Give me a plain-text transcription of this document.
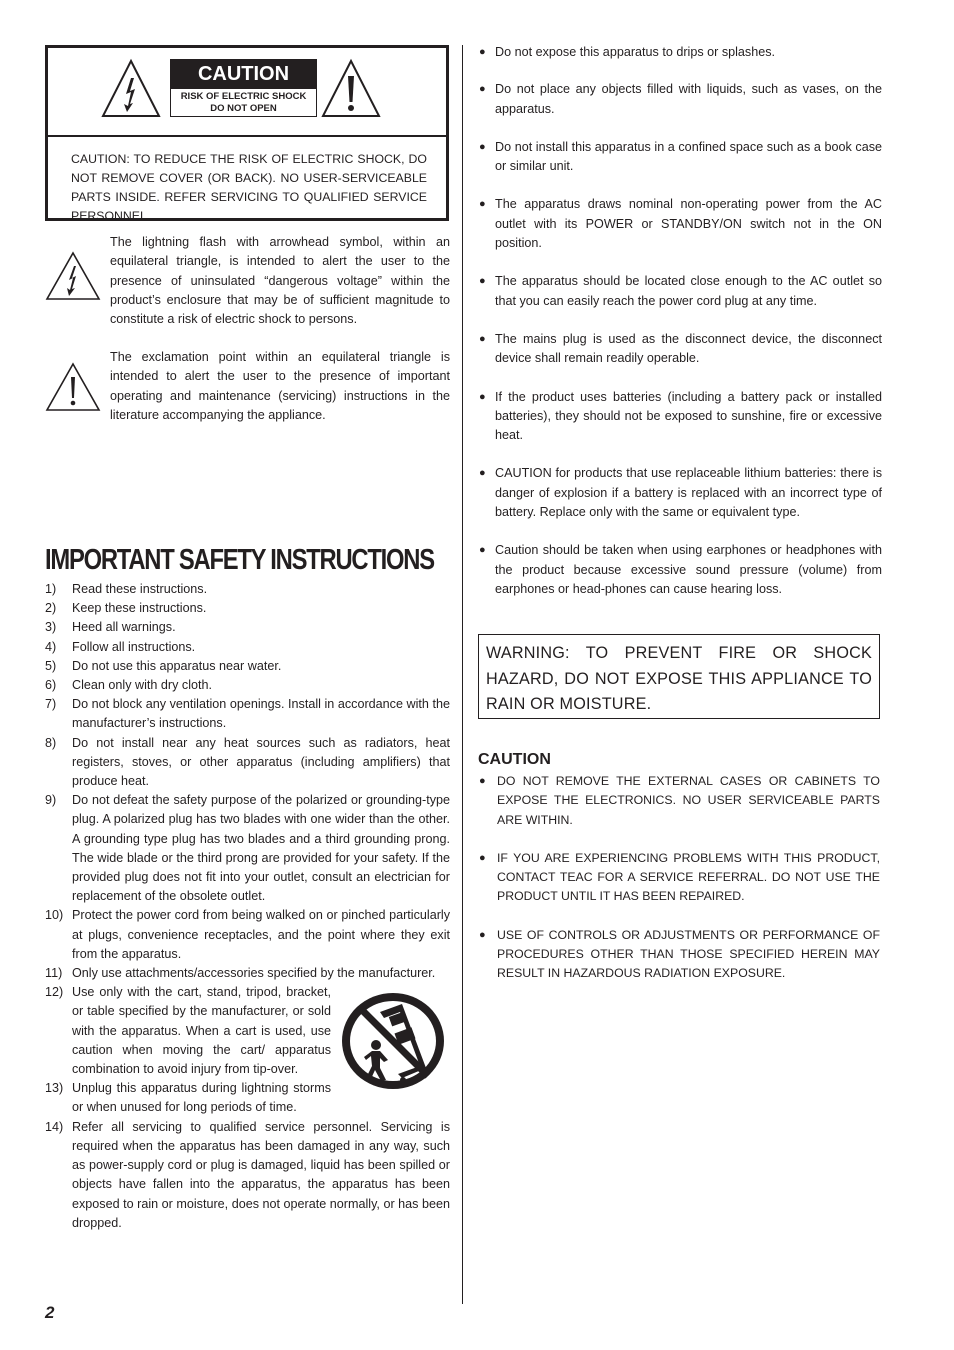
CAUTION
RISK OF ELECTRIC SHOCK
DO NOT OPEN
CAUTION: TO REDUCE THE RISK OF ELECTRIC SHOCK, DO NOT REMOVE COVER (OR BACK). NO USER-SERVICEABLE PARTS INSIDE. REFER SERVICING TO QUALIFIED SERVICE PERSONNEL.
The lightning flash with arrowhead symbol, within an equilateral triangle, is intended to alert the user to the presence of uninsulated “dangerous voltage” within the product’s enclosure that may be of sufficient magnitude to constitute a risk of electric shock to persons.
The exclamation point within an equilateral triangle is intended to alert the user to the presence of important operating and maintenance (servicing) instructions in the literature accompanying the appliance.
IMPORTANT SAFETY INSTRUCTIONS
1)	Read these instructions.
2)	Keep these instructions.
3)	Heed all warnings.
4)	Follow all instructions.
5)	Do not use this apparatus near water.
6)	Clean only with dry cloth.
7)	Do not block any ventilation openings. Install in accordance with the manufacturer’s instructions.
8)	Do not install near any heat sources such as radiators, heat registers, stoves, or other apparatus (including amplifiers) that produce heat.
9)	Do not defeat the safety purpose of the polarized or grounding-type plug. A polarized plug has two blades with one wider than the other. A grounding type plug has two blades and a third grounding prong. The wide blade or the third prong are provided for your safety. If the provided plug does not fit into your outlet, consult an electrician for replacement of the obsolete outlet.
10) Protect the power cord from being walked on or pinched particularly at plugs, convenience receptacles, and the point where they exit from the apparatus.
11) Only use attachments/accessories specified by the manufacturer.
12) Use only with the cart, stand, tripod, bracket, or table specified by the manufacturer, or sold with the apparatus. When a cart is used, use caution when moving the cart/ apparatus combination to avoid injury from tip-over.
13) Unplug this apparatus during lightning storms or when unused for long periods of time.
14) Refer all servicing to qualified service personnel. Servicing is required when the apparatus has been damaged in any way, such as power-supply cord or plug is damaged, liquid has been spilled or objects have fallen into the apparatus, the apparatus has been exposed to rain or moisture, does not operate normally, or has been dropped.
● Do not expose this apparatus to drips or splashes.
● Do not place any objects filled with liquids, such as vases, on the apparatus.
● Do not install this apparatus in a confined space such as a book case or similar unit.
● The apparatus draws nominal non-operating power from the AC outlet with its POWER or STANDBY/ON switch not in the ON position.
● The apparatus should be located close enough to the AC outlet so that you can easily reach the power cord plug at any time.
● The mains plug is used as the disconnect device, the disconnect device shall remain readily operable.
● If the product uses batteries (including a battery pack or installed batteries), they should not be exposed to sunshine, fire or excessive heat.
● CAUTION for products that use replaceable lithium batteries: there is danger of explosion if a battery is replaced with an incorrect type of battery. Replace only with the same or equivalent type.
● Caution should be taken when using earphones or headphones with the product because excessive sound pressure (volume) from earphones or head-phones can cause hearing loss.
WARNING: TO PREVENT FIRE OR SHOCK HAZARD, DO NOT EXPOSE THIS APPLIANCE TO RAIN OR MOISTURE.
CAUTION
● DO NOT REMOVE THE EXTERNAL CASES OR CABINETS TO EXPOSE THE ELECTRONICS. NO USER SERVICEABLE PARTS ARE WITHIN.
● IF YOU ARE EXPERIENCING PROBLEMS WITH THIS PRODUCT, CONTACT TEAC FOR A SERVICE REFERRAL. DO NOT USE THE PRODUCT UNTIL IT HAS BEEN REPAIRED.
● USE OF CONTROLS OR ADJUSTMENTS OR PERFORMANCE OF PROCEDURES OTHER THAN THOSE SPECIFIED HEREIN MAY RESULT IN HAZARDOUS RADIATION EXPOSURE.
2
